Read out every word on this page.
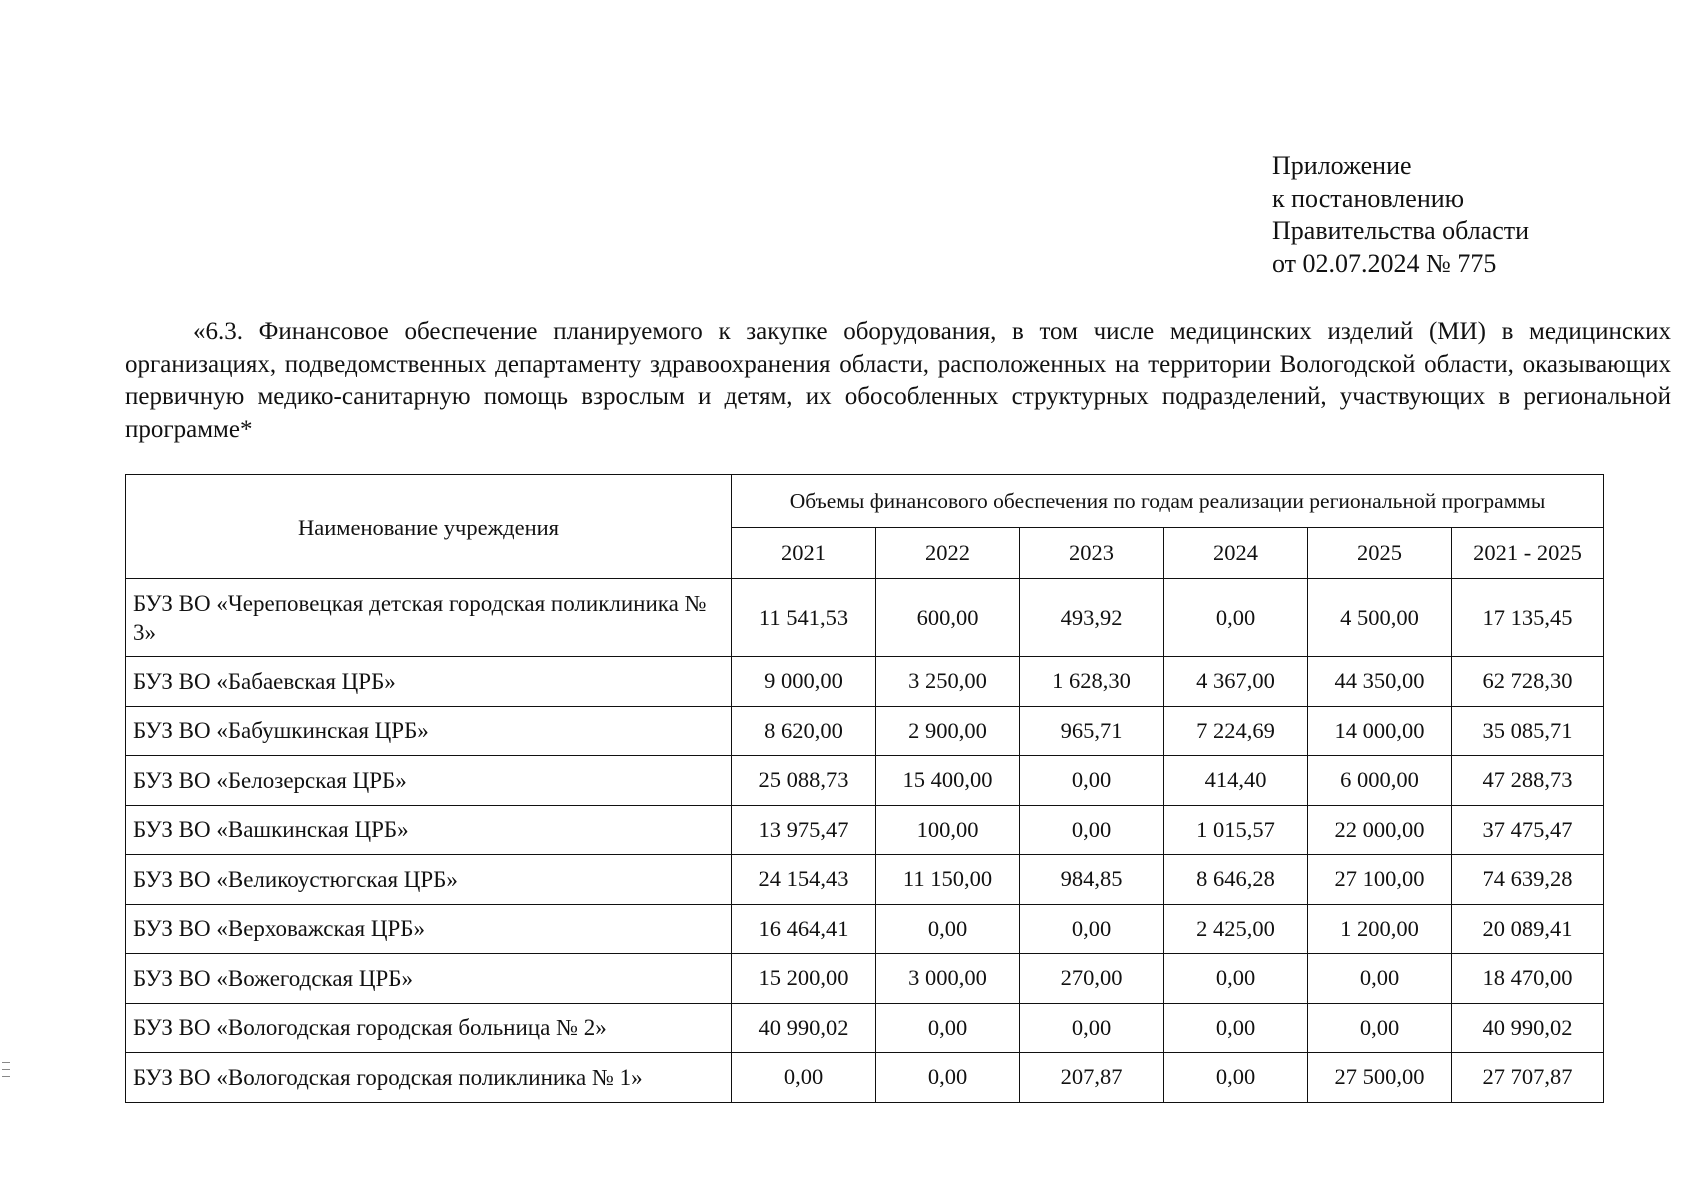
Приложение
к постановлению
Правительства области
от 02.07.2024 № 775
«6.3. Финансовое обеспечение планируемого к закупке оборудования, в том числе медицинских изделий (МИ) в медицинских организациях, подведомственных департаменту здравоохранения области, расположенных на территории Вологодской области, оказывающих первичную медико-санитарную помощь взрослым и детям, их обособленных структурных подразделений, участвующих в региональной программе*
Наименование учреждения	Объемы финансового обеспечения по годам реализации региональной программы					
	2021	2022	2023	2024	2025	2021 - 2025
БУЗ ВО «Череповецкая детская городская поликлиника № 3»	11 541,53	600,00	493,92	0,00	4 500,00	17 135,45
БУЗ ВО «Бабаевская ЦРБ»	9 000,00	3 250,00	1 628,30	4 367,00	44 350,00	62 728,30
БУЗ ВО «Бабушкинская ЦРБ»	8 620,00	2 900,00	965,71	7 224,69	14 000,00	35 085,71
БУЗ ВО «Белозерская ЦРБ»	25 088,73	15 400,00	0,00	414,40	6 000,00	47 288,73
БУЗ ВО «Вашкинская ЦРБ»	13 975,47	100,00	0,00	1 015,57	22 000,00	37 475,47
БУЗ ВО «Великоустюгская ЦРБ»	24 154,43	11 150,00	984,85	8 646,28	27 100,00	74 639,28
БУЗ ВО «Верховажская ЦРБ»	16 464,41	0,00	0,00	2 425,00	1 200,00	20 089,41
БУЗ ВО «Вожегодская ЦРБ»	15 200,00	3 000,00	270,00	0,00	0,00	18 470,00
БУЗ ВО «Вологодская городская больница № 2»	40 990,02	0,00	0,00	0,00	0,00	40 990,02
БУЗ ВО «Вологодская городская поликлиника № 1»	0,00	0,00	207,87	0,00	27 500,00	27 707,87
